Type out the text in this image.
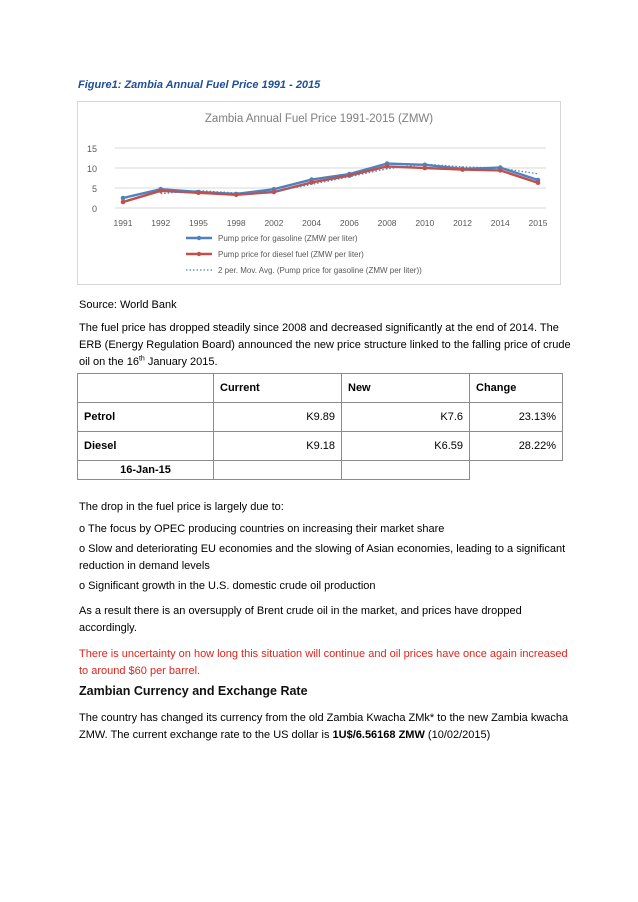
Figure1: Zambia Annual Fuel Price 1991 - 2015
Zambia Annual Fuel Price 1991-2015 (ZMW)
0
5
10
15
1991 1992 1995 1998 2002 2004 2006 2008 2010 2012 2014 2015
Pump price for gasoline (ZMW per liter)
Pump price for diesel fuel (ZMW per liter)
2 per. Mov. Avg. (Pump price for gasoline (ZMW per liter))
Source: World Bank
The fuel price has dropped steadily since 2008 and decreased significantly at the end of 2014. The ERB (Energy Regulation Board) announced the new price structure linked to the falling price of crude oil on the 16th January 2015.
	Current	New	Change
Petrol	K9.89	K7.6	23.13%
Diesel	K9.18	K6.59	28.22%
16-Jan-15			
The drop in the fuel price is largely due to:
o The focus by OPEC producing countries on increasing their market share
o Slow and deteriorating EU economies and the slowing of Asian economies, leading to a significant reduction in demand levels
o Significant growth in the U.S. domestic crude oil production
As a result there is an oversupply of Brent crude oil in the market, and prices have dropped accordingly.
There is uncertainty on how long this situation will continue and oil prices have once again increased to around $60 per barrel.
Zambian Currency and Exchange Rate
The country has changed its currency from the old Zambia Kwacha ZMk* to the new Zambia kwacha ZMW. The current exchange rate to the US dollar is 1U$/6.56168 ZMW (10/02/2015)
